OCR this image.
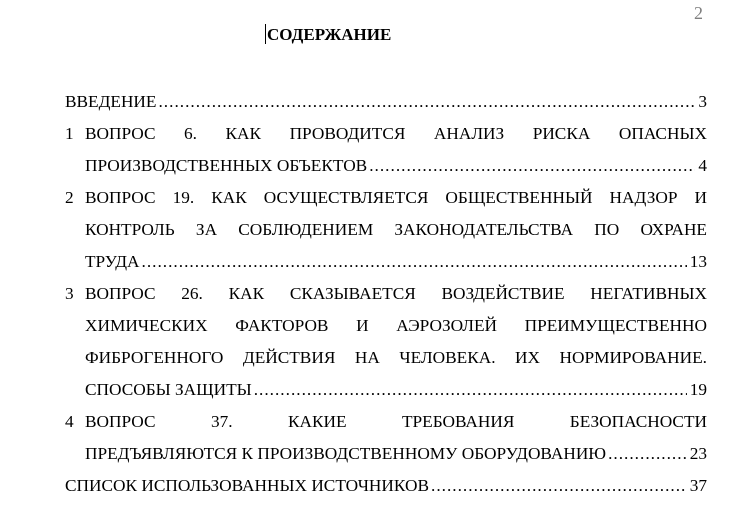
2
СОДЕРЖАНИЕ
ВВЕДЕНИЕ .....	3
1 ВОПРОС 6. КАК ПРОВОДИТСЯ АНАЛИЗ РИСКА ОПАСНЫХ
ПРОИЗВОДСТВЕННЫХ ОБЪЕКТОВ .....	4
2 ВОПРОС 19. КАК ОСУЩЕСТВЛЯЕТСЯ ОБЩЕСТВЕННЫЙ НАДЗОР И
КОНТРОЛЬ ЗА СОБЛЮДЕНИЕМ ЗАКОНОДАТЕЛЬСТВА ПО ОХРАНЕ
ТРУДА .....	13
3 ВОПРОС 26. КАК СКАЗЫВАЕТСЯ ВОЗДЕЙСТВИЕ НЕГАТИВНЫХ
ХИМИЧЕСКИХ ФАКТОРОВ И АЭРОЗОЛЕЙ ПРЕИМУЩЕСТВЕННО
ФИБРОГЕННОГО ДЕЙСТВИЯ НА ЧЕЛОВЕКА. ИХ НОРМИРОВАНИЕ.
СПОСОБЫ ЗАЩИТЫ .....	19
4 ВОПРОС 37. КАКИЕ ТРЕБОВАНИЯ БЕЗОПАСНОСТИ
ПРЕДЪЯВЛЯЮТСЯ К ПРОИЗВОДСТВЕННОМУ ОБОРУДОВАНИЮ .....	23
СПИСОК ИСПОЛЬЗОВАННЫХ ИСТОЧНИКОВ .....	37
